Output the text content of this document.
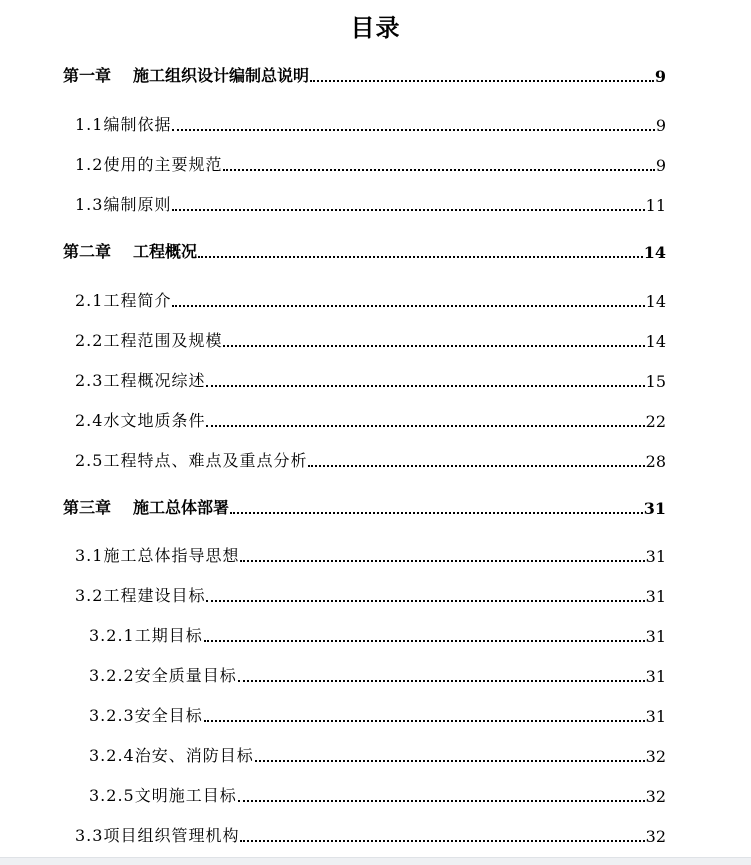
目录
第一章 施工组织设计编制总说明	9
1.1编制依据	9
1.2使用的主要规范	9
1.3编制原则	11
第二章 工程概况	14
2.1工程简介	14
2.2工程范围及规模	14
2.3工程概况综述	15
2.4水文地质条件	22
2.5工程特点、难点及重点分析	28
第三章 施工总体部署	31
3.1施工总体指导思想	31
3.2工程建设目标	31
3.2.1工期目标	31
3.2.2安全质量目标	31
3.2.3安全目标	31
3.2.4治安、消防目标	32
3.2.5文明施工目标	32
3.3项目组织管理机构	32
